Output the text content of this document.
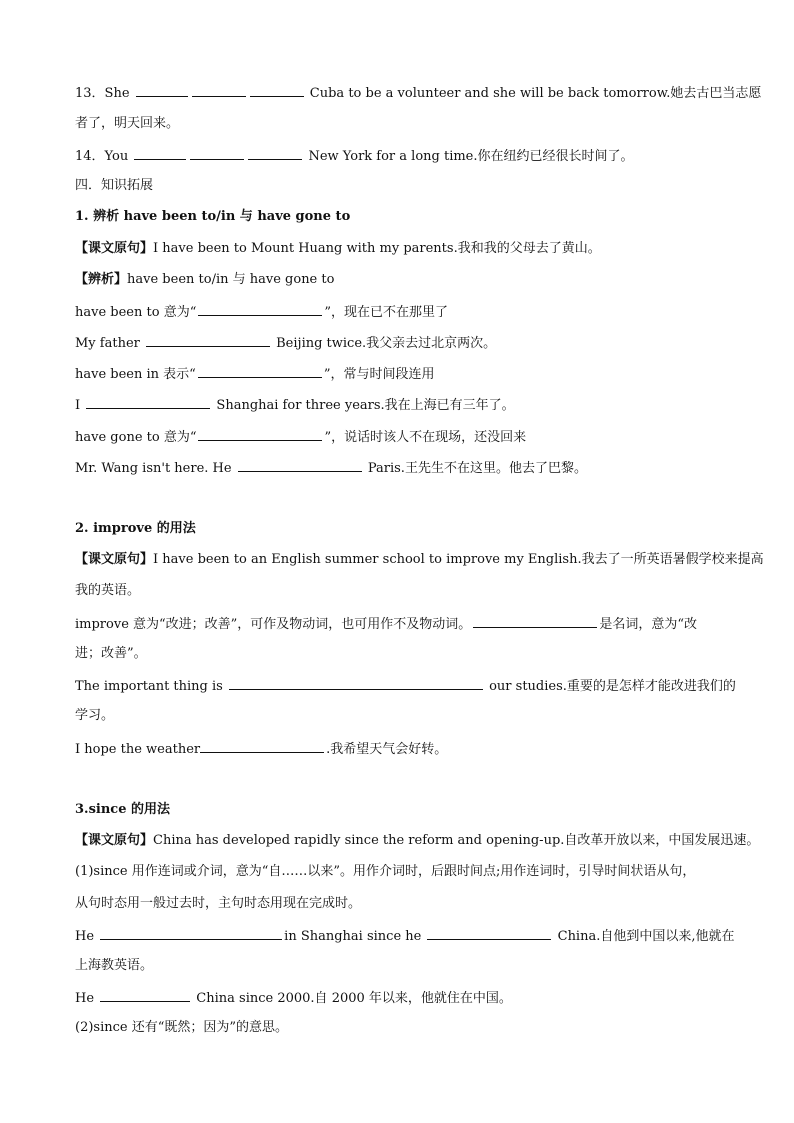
13．She	Cuba to be a volunteer and she will be back tomorrow.她去古巴当志愿
者了，明天回来。
14．You	New York for a long time.你在纽约已经很长时间了。
四．知识拓展
1. 辨析 have been to/in 与 have gone to
【课文原句】I have been to Mount Huang with my parents.我和我的父母去了黄山。
【辨析】have been to/in 与 have gone to
have been to 意为“	”，现在已不在那里了
My father	Beijing twice.我父亲去过北京两次。
have been in 表示“	”，常与时间段连用
I	Shanghai for three years.我在上海已有三年了。
have gone to 意为“	”，说话时该人不在现场，还没回来
Mr. Wang isn't here. He	Paris.王先生不在这里。他去了巴黎。
2. improve 的用法
【课文原句】I have been to an English summer school to improve my English.我去了一所英语暑假学校来提高
我的英语。
improve 意为“改进；改善”，可作及物动词，也可用作不及物动词。	是名词，意为“改
进；改善”。
The important thing is	our studies.重要的是怎样才能改进我们的
学习。
I hope the weather	.我希望天气会好转。
3.since 的用法
【课文原句】China has developed rapidly since the reform and opening-up.自改革开放以来，中国发展迅速。
(1)since 用作连词或介词，意为“自……以来”。用作介词时，后跟时间点;用作连词时，引导时间状语从句，
从句时态用一般过去时，主句时态用现在完成时。
He	in Shanghai since he	China.自他到中国以来,他就在
上海教英语。
He	China since 2000.自 2000 年以来，他就住在中国。
(2)since 还有“既然；因为”的意思。
